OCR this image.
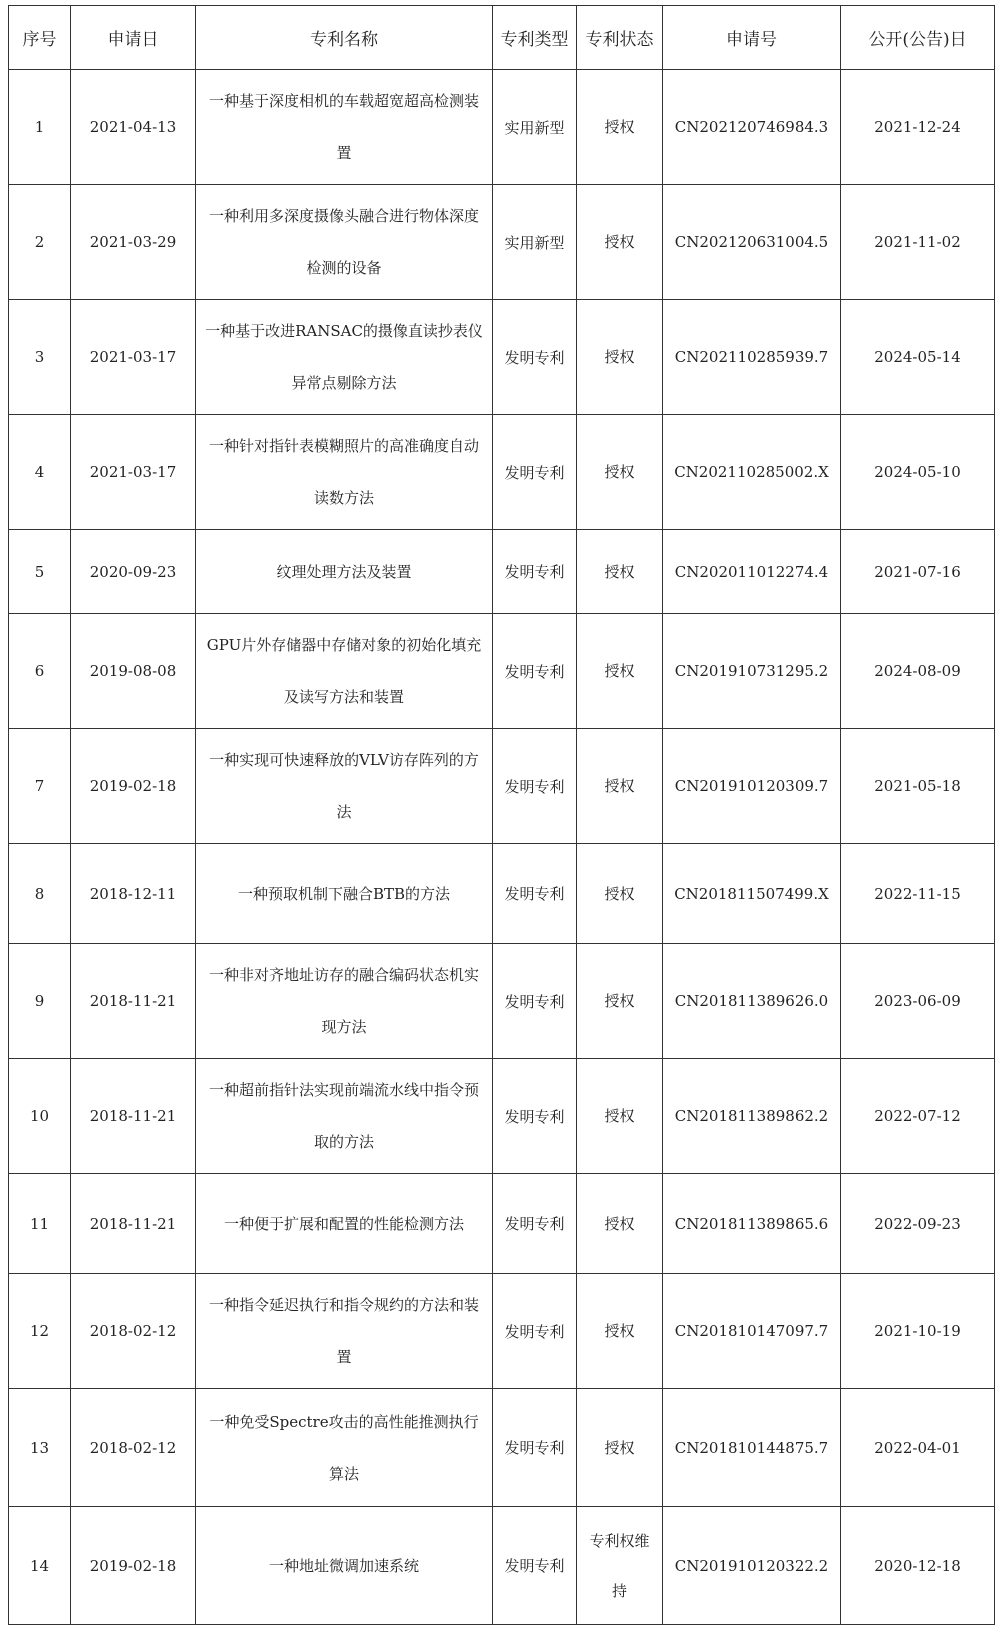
序号	申请日	专利名称	专利类型	专利状态	申请号	公开(公告)日
1	2021-04-13	一种基于深度相机的车载超宽超高检测装置	实用新型	授权	CN202120746984.3	2021-12-24
2	2021-03-29	一种利用多深度摄像头融合进行物体深度检测的设备	实用新型	授权	CN202120631004.5	2021-11-02
3	2021-03-17	一种基于改进RANSAC的摄像直读抄表仪异常点剔除方法	发明专利	授权	CN202110285939.7	2024-05-14
4	2021-03-17	一种针对指针表模糊照片的高准确度自动读数方法	发明专利	授权	CN202110285002.X	2024-05-10
5	2020-09-23	纹理处理方法及装置	发明专利	授权	CN202011012274.4	2021-07-16
6	2019-08-08	GPU片外存储器中存储对象的初始化填充及读写方法和装置	发明专利	授权	CN201910731295.2	2024-08-09
7	2019-02-18	一种实现可快速释放的VLV访存阵列的方法	发明专利	授权	CN201910120309.7	2021-05-18
8	2018-12-11	一种预取机制下融合BTB的方法	发明专利	授权	CN201811507499.X	2022-11-15
9	2018-11-21	一种非对齐地址访存的融合编码状态机实现方法	发明专利	授权	CN201811389626.0	2023-06-09
10	2018-11-21	一种超前指针法实现前端流水线中指令预取的方法	发明专利	授权	CN201811389862.2	2022-07-12
11	2018-11-21	一种便于扩展和配置的性能检测方法	发明专利	授权	CN201811389865.6	2022-09-23
12	2018-02-12	一种指令延迟执行和指令规约的方法和装置	发明专利	授权	CN201810147097.7	2021-10-19
13	2018-02-12	一种免受Spectre攻击的高性能推测执行算法	发明专利	授权	CN201810144875.7	2022-04-01
14	2019-02-18	一种地址微调加速系统	发明专利	专利权维持	CN201910120322.2	2020-12-18
